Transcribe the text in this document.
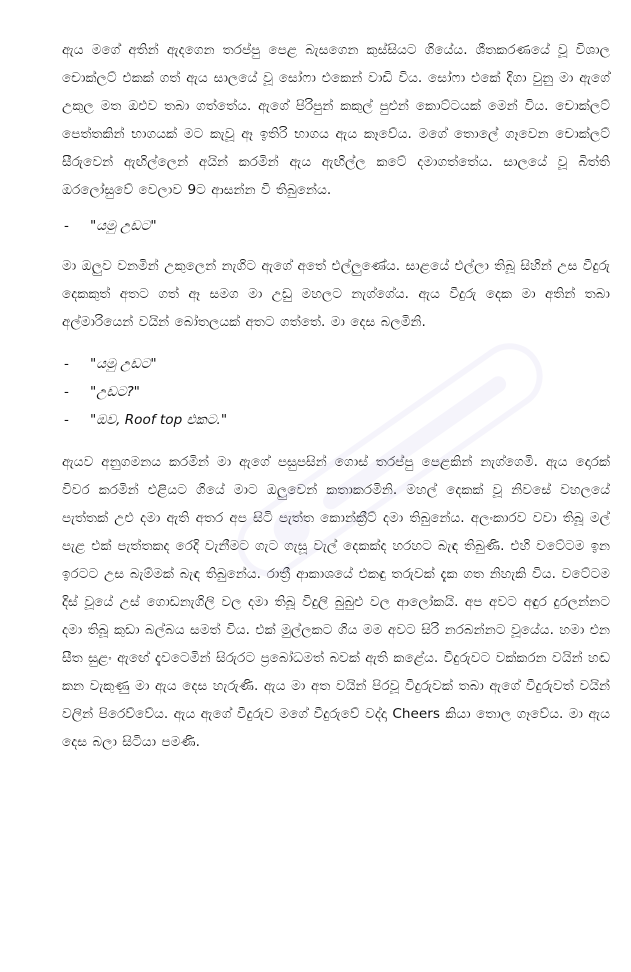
ඇය මගේ අතින් ඇදගෙන තරප්පු පෙළ බැසගෙන කුස්සියට ගියේය. ශීතකරණයේ වූ විශාල චොක්ලට් එකක් ගත් ඇය සාලයේ වූ සෝෆා එකෙන් වාඩි විය. සෝෆා එකේ දිගා වුනු මා ඇගේ උකුල මත ඔළුව තබා ගත්තේය. ඇගේ පිරිපුන් කකුල් පුළුන් කොට්ටයක් මෙන් විය. චොක්ලට් පෙත්තකින් භාගයක් මට කැවූ ඈ ඉතිරි භාගය ඇය කෑවේය. මගේ තොලේ ගෑවෙන චොක්ලට් සීරුවෙන් ඇඟිල්ලෙන් අයින් කරමින් ඇය ඇඟිල්ල කටේ දමාගත්තේය. සාලයේ වූ බිත්ති ඔරලෝසුවේ වෙලාව 9ට ආසන්න වී තිබුනේය.

- "යමු උඩට"

මා ඔලුව වනමින් උකුලෙන් නැගිට ඇගේ අතේ එල්ලුණේය. සාළයේ එල්ලා තිබූ සිහින් උස වීදුරු දෙකකුත් අතට ගත් ඈ සමග මා උඩු මහලට නැග්ගේය. ඇය වීදුරු දෙක මා අතින් තබා අල්මාරියෙන් වයින් බෝතලයක් අතට ගත්තේ. මා දෙස බලමිනි.

- "යමු උඩට"
- "උඩට?"
- "ඔව, Roof top එකට."

ඇයව අනුගමනය කරමින් මා ඇගේ පසුපසින් ගොස් තරප්පු පෙළකින් නැග්ගෙමි. ඇය දොරක් විවර කරමින් එළියට ගියේ මාට ඔලුවෙන් කතාකරමිනි. මහල් දෙකක් වූ නිවසේ වහලයේ පැත්තක් උළු දමා ඇති අතර අප සිටි පැත්ත කොන්ක්‍රීට් දමා තිබුනේය. අලංකාරව වවා තිබූ මල් පැළ එක් පැත්තකද රෙදි වැනීමට ගැට ගැසූ වැල් දෙකක්ද හරහට බැඳ තිබුණි. එහි වටේටම ඉන ඉරටට උස බැම්මක් බැඳ තිබුනේය. රාත්‍රී ආකාශයේ එකඳු තරුවක් දැක ගත නිහැකි විය. වටේටම දිස් වූයේ උස් ගොඩනැගිලි වල දමා තිබූ විදුලි බුබුළු වල ආලෝකයි. අප අවට අඳුර දුරලන්නට දමා තිබූ කුඩා බල්බය සමත් විය. එක් මුල්ලකට ගිය මම අවට සිරි නරබන්නට වූයේය. හමා එන සීත සුළං ඇඟේ දැවටෙමින් සිරුරට ප්‍රබෝධමත් බවක් ඇති කළේය. වීදුරුවට වක්කරන වයින් හඬ කන වැකුණු මා ඇය දෙස හැරුණි. ඇය මා අත වයින් පිරවූ වීදුරුවක් තබා ඇගේ වීදුරුවත් වයින් වලින් පිරෙව්වේය. ඇය ඇගේ වීදුරුව මගේ වීදුරුවේ වද්දා Cheers කියා තොල ගෑවේය. මා ඇය දෙස බලා සිටියා පමණි.
